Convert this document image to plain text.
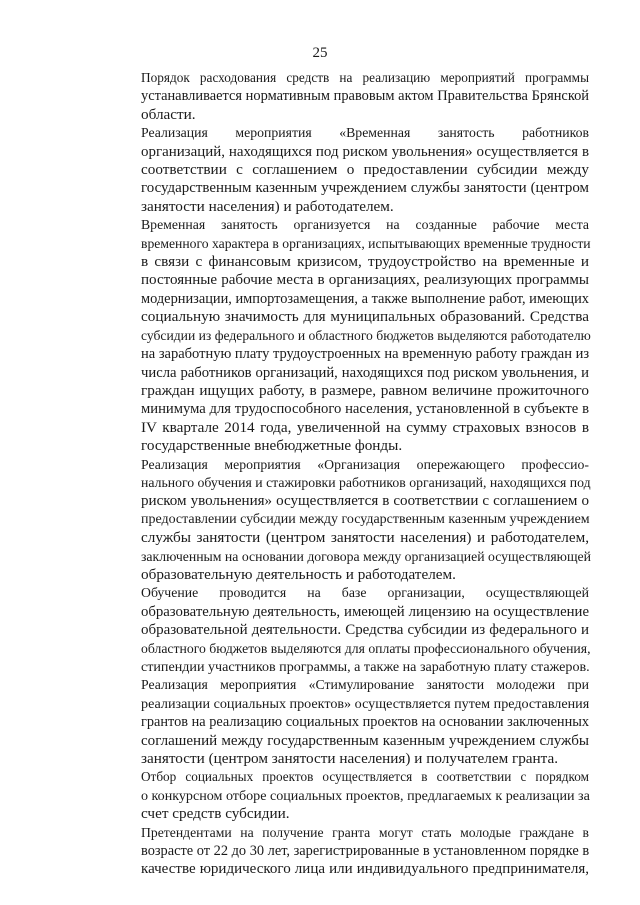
25

Порядок расходования средств на реализацию мероприятий программы
устанавливается нормативным правовым актом Правительства Брянской
области.

Реализация мероприятия «Временная занятость работников
организаций, находящихся под риском увольнения» осуществляется в
соответствии с соглашением о предоставлении субсидии между
государственным казенным учреждением службы занятости (центром
занятости населения) и работодателем.

Временная занятость организуется на созданные рабочие места
временного характера в организациях, испытывающих временные трудности
в связи с финансовым кризисом, трудоустройство на временные и
постоянные рабочие места в организациях, реализующих программы
модернизации, импортозамещения, а также выполнение работ, имеющих
социальную значимость для муниципальных образований. Средства
субсидии из федерального и областного бюджетов выделяются работодателю
на заработную плату трудоустроенных на временную работу граждан из
числа работников организаций, находящихся под риском увольнения, и
граждан ищущих работу, в размере, равном величине прожиточного
минимума для трудоспособного населения, установленной в субъекте в
IV квартале 2014 года, увеличенной на сумму страховых взносов в
государственные внебюджетные фонды.

Реализация мероприятия «Организация опережающего профессио-
нального обучения и стажировки работников организаций, находящихся под
риском увольнения» осуществляется в соответствии с соглашением о
предоставлении субсидии между государственным казенным учреждением
службы занятости (центром занятости населения) и работодателем,
заключенным на основании договора между организацией осуществляющей
образовательную деятельность и работодателем.

Обучение проводится на базе организации, осуществляющей
образовательную деятельность, имеющей лицензию на осуществление
образовательной деятельности. Средства субсидии из федерального и
областного бюджетов выделяются для оплаты профессионального обучения,
стипендии участников программы, а также на заработную плату стажеров.

Реализация мероприятия «Стимулирование занятости молодежи при
реализации социальных проектов» осуществляется путем предоставления
грантов на реализацию социальных проектов на основании заключенных
соглашений между государственным казенным учреждением службы
занятости (центром занятости населения) и получателем гранта.

Отбор социальных проектов осуществляется в соответствии с порядком
о конкурсном отборе социальных проектов, предлагаемых к реализации за
счет средств субсидии.

Претендентами на получение гранта могут стать молодые граждане в
возрасте от 22 до 30 лет, зарегистрированные в установленном порядке в
качестве юридического лица или индивидуального предпринимателя,
